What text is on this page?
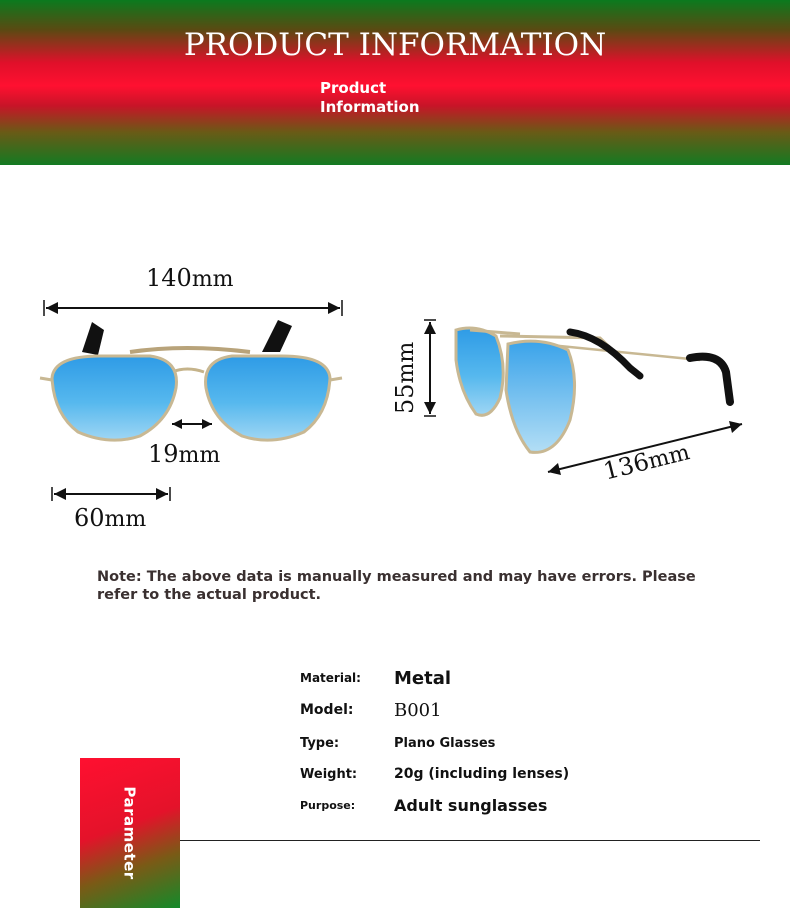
PRODUCT INFORMATION
Product
Information
140mm
19mm
60mm
55mm
136mm
Note: The above data is manually measured and may have errors. Please refer to the actual product.
Material: Metal
Model: B001
Type:	Plano Glasses
Weight:	20g (including lenses)
Purpose: Adult sunglasses
Parameter
